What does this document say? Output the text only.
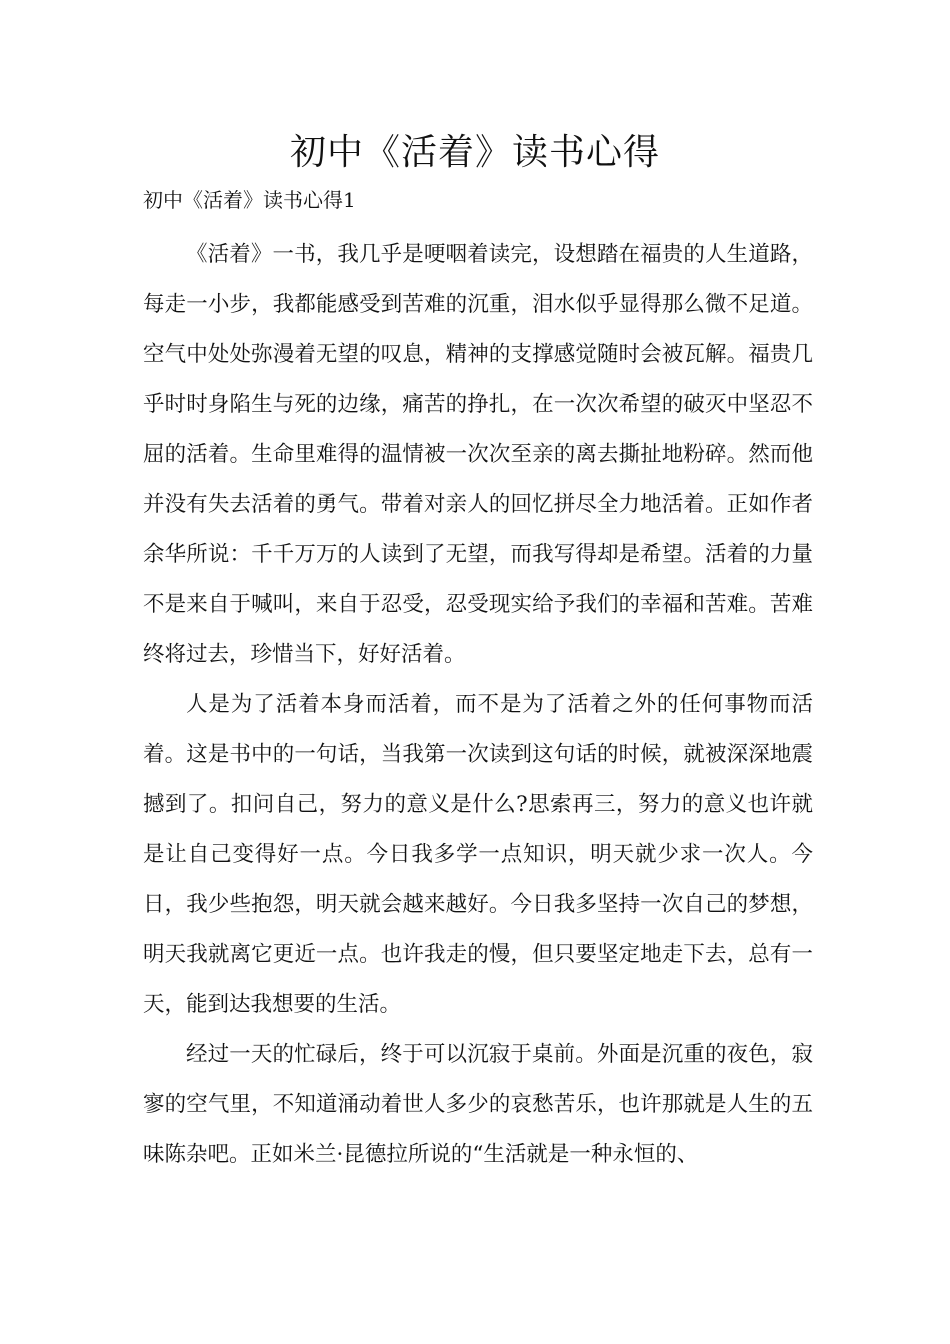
初中《活着》读书心得

初中《活着》读书心得1

《活着》一书，我几乎是哽咽着读完，设想踏在福贵的人生道路，每走一小步，我都能感受到苦难的沉重，泪水似乎显得那么微不足道。空气中处处弥漫着无望的叹息，精神的支撑感觉随时会被瓦解。福贵几乎时时身陷生与死的边缘，痛苦的挣扎，在一次次希望的破灭中坚忍不屈的活着。生命里难得的温情被一次次至亲的离去撕扯地粉碎。然而他并没有失去活着的勇气。带着对亲人的回忆拼尽全力地活着。正如作者余华所说：千千万万的人读到了无望，而我写得却是希望。活着的力量不是来自于喊叫，来自于忍受，忍受现实给予我们的幸福和苦难。苦难终将过去，珍惜当下，好好活着。

人是为了活着本身而活着，而不是为了活着之外的任何事物而活着。这是书中的一句话，当我第一次读到这句话的时候，就被深深地震撼到了。扣问自己，努力的意义是什么?思索再三，努力的意义也许就是让自己变得好一点。今日我多学一点知识，明天就少求一次人。今日，我少些抱怨，明天就会越来越好。今日我多坚持一次自己的梦想，明天我就离它更近一点。也许我走的慢，但只要坚定地走下去，总有一天，能到达我想要的生活。

经过一天的忙碌后，终于可以沉寂于桌前。外面是沉重的夜色，寂寥的空气里，不知道涌动着世人多少的哀愁苦乐，也许那就是人生的五味陈杂吧。正如米兰·昆德拉所说的“生活就是一种永恒的、
